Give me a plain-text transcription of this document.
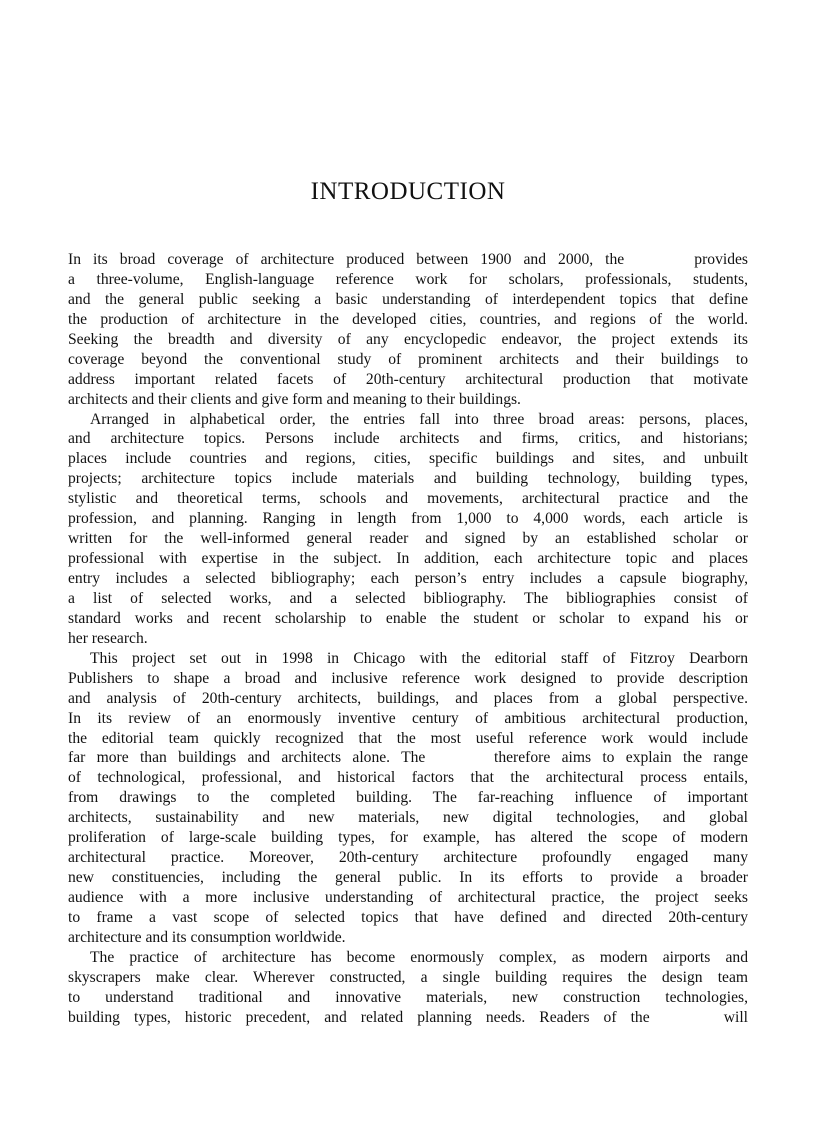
INTRODUCTION
In its broad coverage of architecture produced between 1900 and 2000, the	provides
a three-volume, English-language reference work for scholars, professionals, students,
and the general public seeking a basic understanding of interdependent topics that define
the production of architecture in the developed cities, countries, and regions of the world.
Seeking the breadth and diversity of any encyclopedic endeavor, the project extends its
coverage beyond the conventional study of prominent architects and their buildings to
address important related facets of 20th-century architectural production that motivate
architects and their clients and give form and meaning to their buildings.
Arranged in alphabetical order, the entries fall into three broad areas: persons, places,
and architecture topics. Persons include architects and firms, critics, and historians;
places include countries and regions, cities, specific buildings and sites, and unbuilt
projects; architecture topics include materials and building technology, building types,
stylistic and theoretical terms, schools and movements, architectural practice and the
profession, and planning. Ranging in length from 1,000 to 4,000 words, each article is
written for the well-informed general reader and signed by an established scholar or
professional with expertise in the subject. In addition, each architecture topic and places
entry includes a selected bibliography; each person’s entry includes a capsule biography,
a list of selected works, and a selected bibliography. The bibliographies consist of
standard works and recent scholarship to enable the student or scholar to expand his or
her research.
This project set out in 1998 in Chicago with the editorial staff of Fitzroy Dearborn
Publishers to shape a broad and inclusive reference work designed to provide description
and analysis of 20th-century architects, buildings, and places from a global perspective.
In its review of an enormously inventive century of ambitious architectural production,
the editorial team quickly recognized that the most useful reference work would include
far more than buildings and architects alone. The	therefore aims to explain the range
of technological, professional, and historical factors that the architectural process entails,
from drawings to the completed building. The far-reaching influence of important
architects, sustainability and new materials, new digital technologies, and global
proliferation of large-scale building types, for example, has altered the scope of modern
architectural practice. Moreover, 20th-century architecture profoundly engaged many
new constituencies, including the general public. In its efforts to provide a broader
audience with a more inclusive understanding of architectural practice, the project seeks
to frame a vast scope of selected topics that have defined and directed 20th-century
architecture and its consumption worldwide.
The practice of architecture has become enormously complex, as modern airports and
skyscrapers make clear. Wherever constructed, a single building requires the design team
to understand traditional and innovative materials, new construction technologies,
building types, historic precedent, and related planning needs. Readers of the	will
